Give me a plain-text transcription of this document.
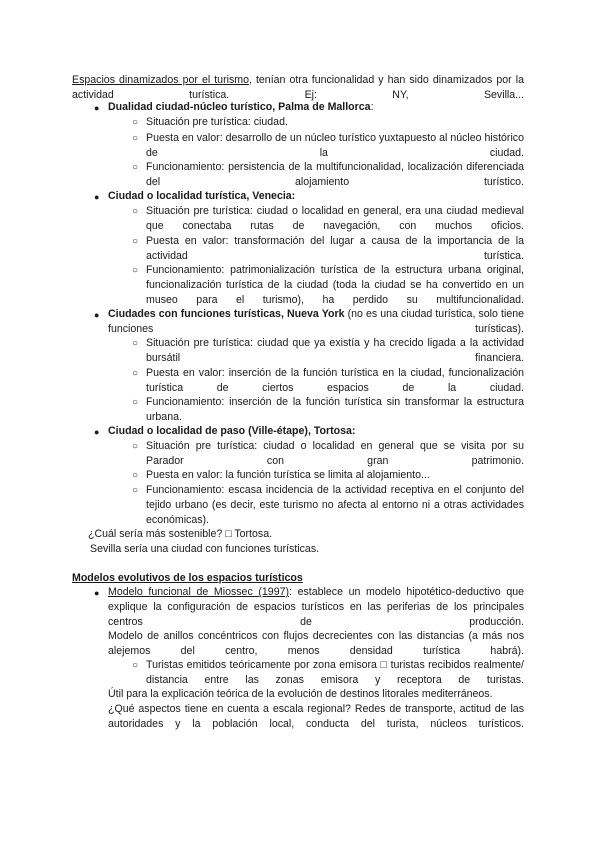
Espacios dinamizados por el turismo, tenían otra funcionalidad y han sido dinamizados por la actividad turística. Ej: NY, Sevilla...
● Dualidad ciudad-núcleo turístico, Palma de Mallorca:
○ Situación pre turística: ciudad.
○ Puesta en valor: desarrollo de un núcleo turístico yuxtapuesto al núcleo histórico de la ciudad.
○ Funcionamiento: persistencia de la multifuncionalidad, localización diferenciada del alojamiento turístico.
● Ciudad o localidad turística, Venecia:
○ Situación pre turística: ciudad o localidad en general, era una ciudad medieval que conectaba rutas de navegación, con muchos oficios.
○ Puesta en valor: transformación del lugar a causa de la importancia de la actividad turística.
○ Funcionamiento: patrimonialización turística de la estructura urbana original, funcionalización turística de la ciudad (toda la ciudad se ha convertido en un museo para el turismo), ha perdido su multifuncionalidad.
● Ciudades con funciones turísticas, Nueva York (no es una ciudad turística, solo tiene funciones turísticas).
○ Situación pre turística: ciudad que ya existía y ha crecido ligada a la actividad bursátil financiera.
○ Puesta en valor: inserción de la función turística en la ciudad, funcionalización turística de ciertos espacios de la ciudad.
○ Funcionamiento: inserción de la función turística sin transformar la estructura urbana.
● Ciudad o localidad de paso (Ville-étape), Tortosa:
○ Situación pre turística: ciudad o localidad en general que se visita por su Parador con gran patrimonio.
○ Puesta en valor: la función turística se limita al alojamiento...
○ Funcionamiento: escasa incidencia de la actividad receptiva en el conjunto del tejido urbano (es decir, este turismo no afecta al entorno ni a otras actividades económicas).
¿Cuál sería más sostenible? □ Tortosa.
Sevilla sería una ciudad con funciones turísticas.
Modelos evolutivos de los espacios turísticos
● Modelo funcional de Miossec (1997): establece un modelo hipotético-deductivo que explique la configuración de espacios turísticos en las periferias de los principales centros de producción.
Modelo de anillos concéntricos con flujos decrecientes con las distancias (a más nos alejemos del centro, menos densidad turística habrá).
○ Turistas emitidos teóricamente por zona emisora □ turistas recibidos realmente/ distancia entre las zonas emisora y receptora de turistas.
Útil para la explicación teórica de la evolución de destinos litorales mediterráneos.
¿Qué aspectos tiene en cuenta a escala regional? Redes de transporte, actitud de las autoridades y la población local, conducta del turista, núcleos turísticos.
